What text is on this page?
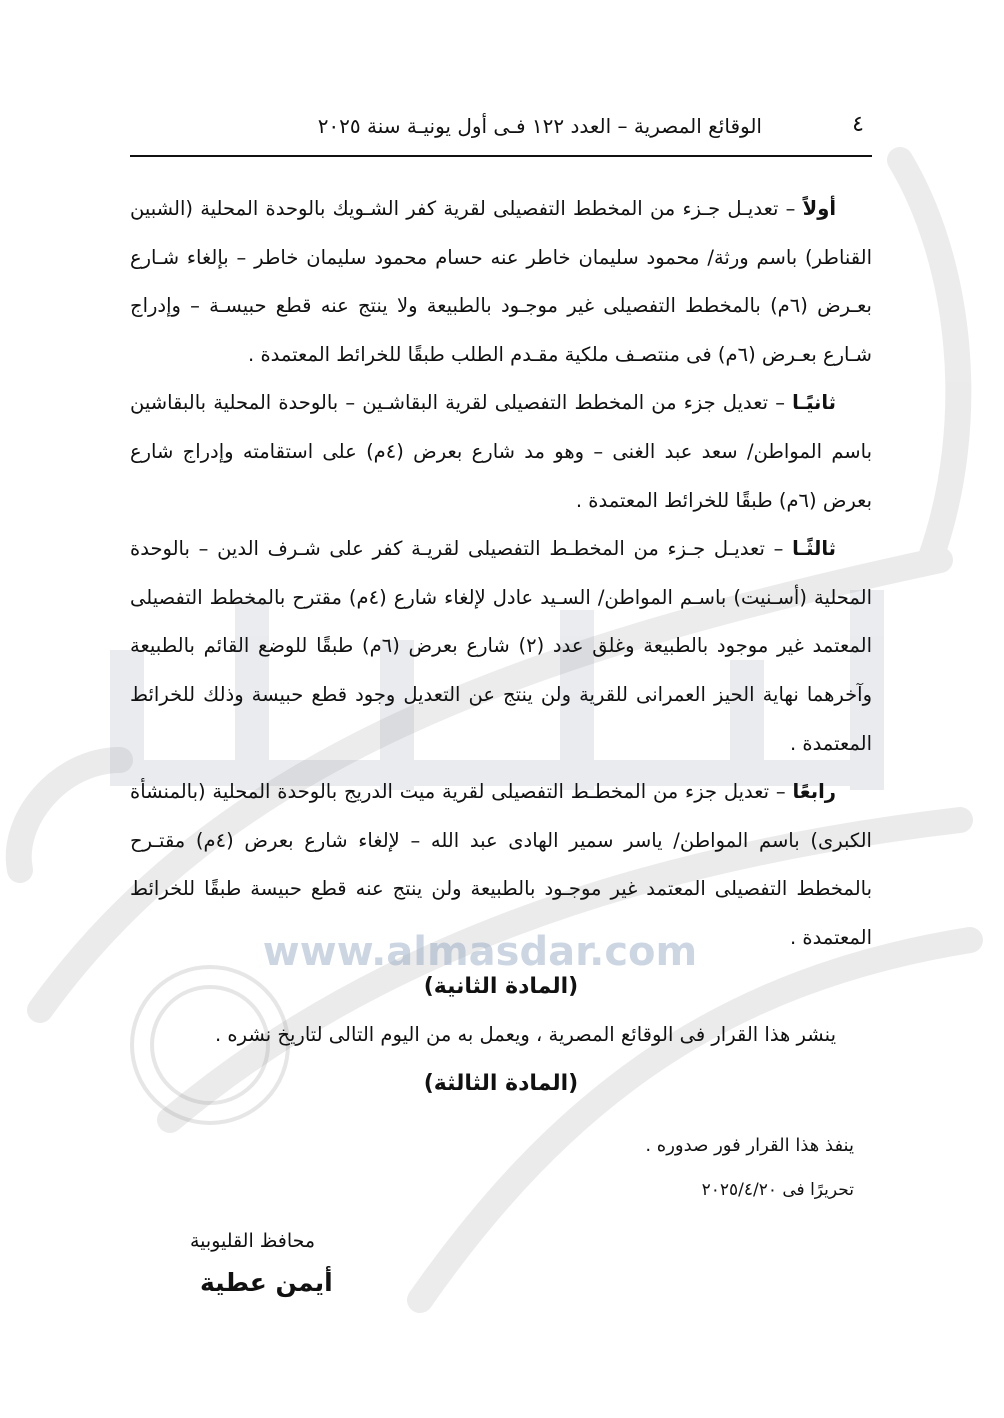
www.almasdar.com
٤
الوقائع المصرية – العدد ١٢٢ فـى أول يونيـة سنة ٢٠٢٥

أولاً – تعديـل جـزء من المخطط التفصيلى لقرية كفر الشـويك بالوحدة المحلية (الشبين القناطر) باسم ورثة/ محمود سليمان خاطر عنه حسام محمود سليمان خاطر – بإلغاء شـارع بعـرض (٦م) بالمخطط التفصيلى غير موجـود بالطبيعة ولا ينتج عنه قطع حبيسـة – وإدراج شـارع بعـرض (٦م) فى منتصـف ملكية مقـدم الطلب طبقًا للخرائط المعتمدة .

ثانيًـا – تعديل جزء من المخطط التفصيلى لقرية البقاشـين – بالوحدة المحلية بالبقاشين باسم المواطن/ سعد عبد الغنى – وهو مد شارع بعرض (٤م) على استقامته وإدراج شارع بعرض (٦م) طبقًا للخرائط المعتمدة .

ثالثًـا – تعديـل جـزء من المخطـط التفصيلى لقريـة كفر على شـرف الدين – بالوحدة المحلية (أسـنيت) باسـم المواطن/ السـيد عادل لإلغاء شارع (٤م) مقترح بالمخطط التفصيلى المعتمد غير موجود بالطبيعة وغلق عدد (٢) شارع بعرض (٦م) طبقًا للوضع القائم بالطبيعة وآخرهما نهاية الحيز العمرانى للقرية ولن ينتج عن التعديل وجود قطع حبيسة وذلك للخرائط المعتمدة .

رابعًا – تعديل جزء من المخطـط التفصيلى لقرية ميت الدريج بالوحدة المحلية (بالمنشأة الكبرى) باسم المواطن/ ياسر سمير الهادى عبد الله – لإلغاء شارع بعرض (٤م) مقتـرح بالمخطط التفصيلى المعتمد غير موجـود بالطبيعة ولن ينتج عنه قطع حبيسة طبقًا للخرائط المعتمدة .

(المادة الثانية)

ينشر هذا القرار فى الوقائع المصرية ، ويعمل به من اليوم التالى لتاريخ نشره .

(المادة الثالثة)

ينفذ هذا القرار فور صدوره .
تحريرًا فى ٢٠٢٥/٤/٢٠
محافظ القليوبية
أيمن عطية
